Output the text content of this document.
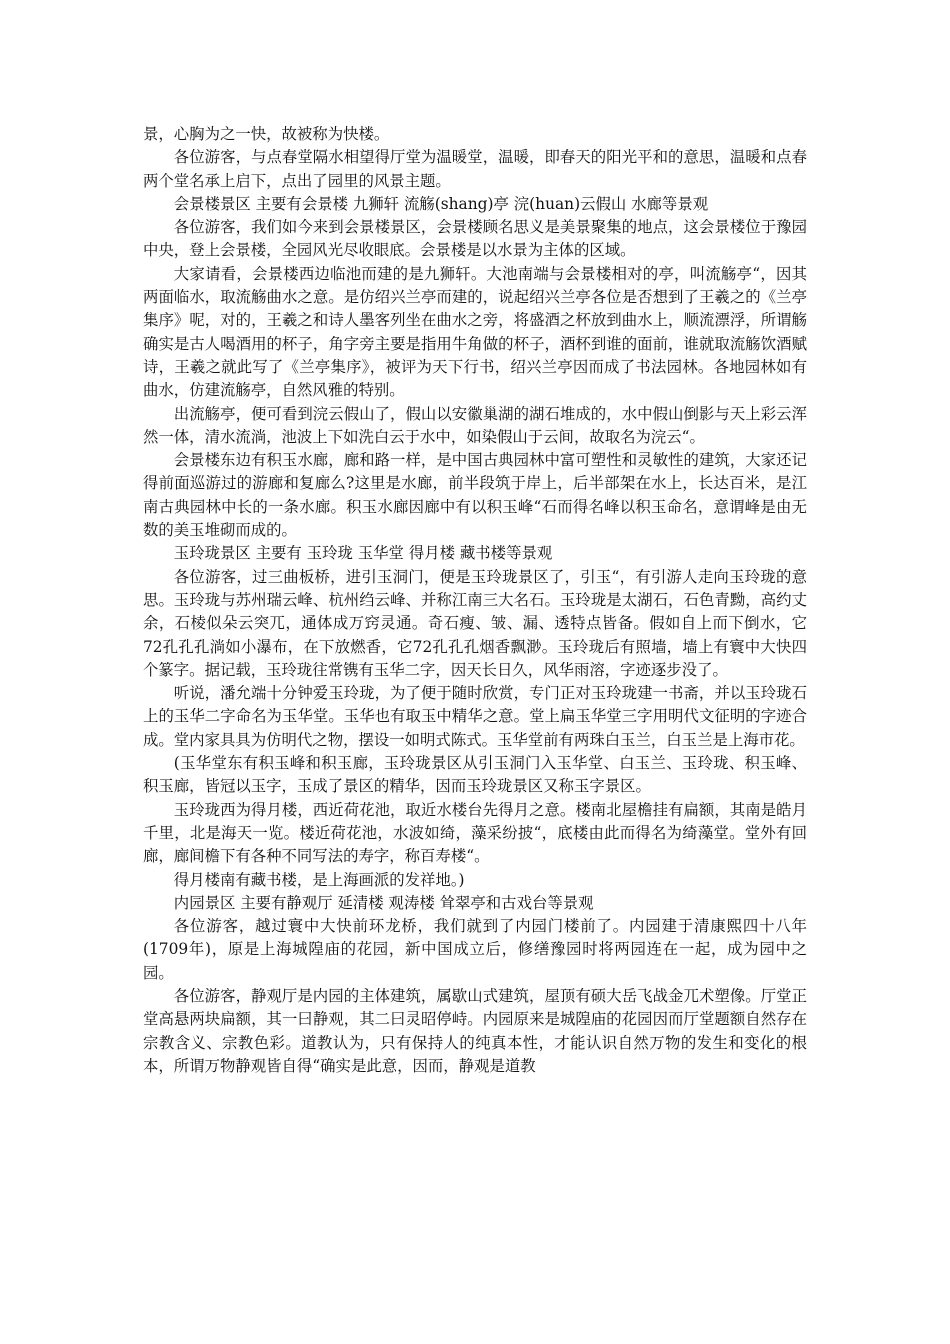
景，心胸为之一快，故被称为快楼。

各位游客，与点春堂隔水相望得厅堂为温暖堂，温暖，即春天的阳光平和的意思，温暖和点春两个堂名承上启下，点出了园里的风景主题。

会景楼景区 主要有会景楼 九狮轩 流觞(shang)亭 浣(huan)云假山 水廊等景观

各位游客，我们如今来到会景楼景区，会景楼顾名思义是美景聚集的地点，这会景楼位于豫园中央，登上会景楼，全园风光尽收眼底。会景楼是以水景为主体的区域。

大家请看，会景楼西边临池而建的是九狮轩。大池南端与会景楼相对的亭，叫流觞亭“，因其两面临水，取流觞曲水之意。是仿绍兴兰亭而建的，说起绍兴兰亭各位是否想到了王羲之的《兰亭集序》呢，对的，王羲之和诗人墨客列坐在曲水之旁，将盛酒之杯放到曲水上，顺流漂浮，所谓觞确实是古人喝酒用的杯子，角字旁主要是指用牛角做的杯子，酒杯到谁的面前，谁就取流觞饮酒赋诗，王羲之就此写了《兰亭集序》，被评为天下行书，绍兴兰亭因而成了书法园林。各地园林如有曲水，仿建流觞亭，自然风雅的特别。

出流觞亭，便可看到浣云假山了，假山以安徽巢湖的湖石堆成的，水中假山倒影与天上彩云浑然一体，清水流淌，池波上下如洗白云于水中，如染假山于云间，故取名为浣云“。

会景楼东边有积玉水廊，廊和路一样，是中国古典园林中富可塑性和灵敏性的建筑，大家还记得前面巡游过的游廊和复廊么?这里是水廊，前半段筑于岸上，后半部架在水上，长达百米，是江南古典园林中长的一条水廊。积玉水廊因廊中有以积玉峰“石而得名峰以积玉命名，意谓峰是由无数的美玉堆砌而成的。

玉玲珑景区 主要有 玉玲珑 玉华堂 得月楼 藏书楼等景观

各位游客，过三曲板桥，进引玉洞门，便是玉玲珑景区了，引玉“，有引游人走向玉玲珑的意思。玉玲珑与苏州瑞云峰、杭州绉云峰、并称江南三大名石。玉玲珑是太湖石，石色青黝，高约丈余，石棱似朵云突兀，通体成万窍灵通。奇石瘦、皱、漏、透特点皆备。假如自上而下倒水，它72孔孔孔淌如小瀑布，在下放燃香，它72孔孔孔烟香飘渺。玉玲珑后有照墙，墙上有寰中大快四个篆字。据记载，玉玲珑往常镌有玉华二字，因天长日久，风华雨溶，字迹逐步没了。

听说，潘允端十分钟爱玉玲珑，为了便于随时欣赏，专门正对玉玲珑建一书斋，并以玉玲珑石上的玉华二字命名为玉华堂。玉华也有取玉中精华之意。堂上扁玉华堂三字用明代文征明的字迹合成。堂内家具具为仿明代之物，摆设一如明式陈式。玉华堂前有两珠白玉兰，白玉兰是上海市花。

(玉华堂东有积玉峰和积玉廊，玉玲珑景区从引玉洞门入玉华堂、白玉兰、玉玲珑、积玉峰、积玉廊，皆冠以玉字，玉成了景区的精华，因而玉玲珑景区又称玉字景区。

玉玲珑西为得月楼，西近荷花池，取近水楼台先得月之意。楼南北屋檐挂有扁额，其南是皓月千里，北是海天一览。楼近荷花池，水波如绮，藻采纷披“，底楼由此而得名为绮藻堂。堂外有回廊，廊间檐下有各种不同写法的寿字，称百寿楼“。

得月楼南有藏书楼，是上海画派的发祥地。)

内园景区 主要有静观厅 延清楼 观涛楼 耸翠亭和古戏台等景观

各位游客，越过寰中大快前环龙桥，我们就到了内园门楼前了。内园建于清康熙四十八年(1709年)，原是上海城隍庙的花园，新中国成立后，修缮豫园时将两园连在一起，成为园中之园。

各位游客，静观厅是内园的主体建筑，属歇山式建筑，屋顶有硕大岳飞战金兀术塑像。厅堂正堂高悬两块扁额，其一曰静观，其二曰灵昭停峙。内园原来是城隍庙的花园因而厅堂题额自然存在宗教含义、宗教色彩。道教认为，只有保持人的纯真本性，才能认识自然万物的发生和变化的根本，所谓万物静观皆自得“确实是此意，因而，静观是道教
